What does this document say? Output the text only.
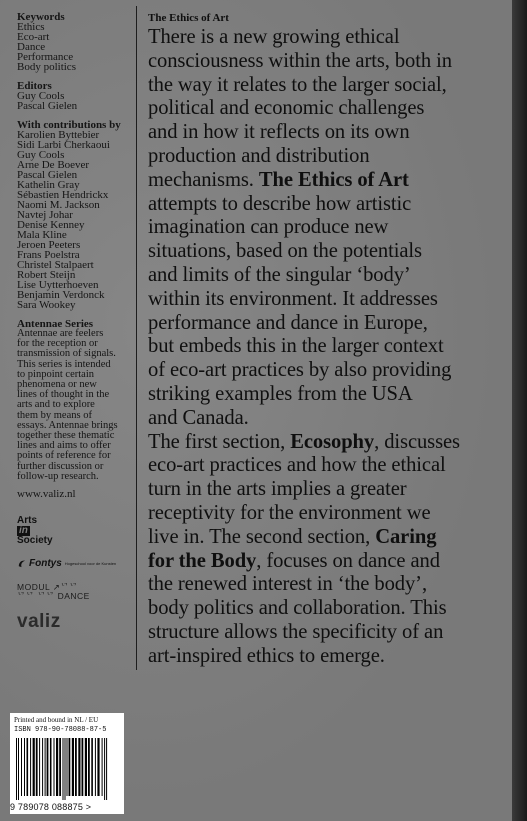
Keywords

Ethics

Eco-art

Dance

Performance

Body politics

Editors

Guy Cools

Pascal Gielen

With contributions by

Karolien Byttebier

Sidi Larbi Cherkaoui

Guy Cools

Arne De Boever

Pascal Gielen

Kathelin Gray

Sébastien Hendrickx

Naomi M. Jackson

Navtej Johar

Denise Kenney

Mala Kline

Jeroen Peeters

Frans Poelstra

Christel Stalpaert

Robert Steijn

Lise Uytterhoeven

Benjamin Verdonck

Sara Wookey

Antennae Series

Antennae are feelers

for the reception or

transmission of signals.

This series is intended

to pinpoint certain

phenomena or new

lines of thought in the

arts and to explore

them by means of

essays. Antennae brings

together these thematic

lines and aims to offer

points of reference for

further discussion or

follow-up research.

www.valiz.nl
Arts
in
Society
Fontys Hogeschool voor de Kunsten
MODUL ↗ᄓᄓ
ᄓᄓ ᄓᄓ DANCE
valiz

The Ethics of Art

There is a new growing ethical
consciousness within the arts, both in
the way it relates to the larger social,
political and economic challenges
and in how it reflects on its own
production and distribution
mechanisms. The Ethics of Art
attempts to describe how artistic
imagination can produce new
situations, based on the potentials
and limits of the singular ‘body’
within its environment. It addresses
performance and dance in Europe,
but embeds this in the larger context
of eco-art practices by also providing
striking examples from the USA
and Canada.
The first section, Ecosophy, discusses
eco-art practices and how the ethical
turn in the arts implies a greater
receptivity for the environment we
live in. The second section, Caring
for the Body, focuses on dance and
the renewed interest in ‘the body’,
body politics and collaboration. This
structure allows the specificity of an
art-inspired ethics to emerge.

Printed and bound in NL / EU
ISBN 978-90-78088-87-5
9 789078 088875 >
